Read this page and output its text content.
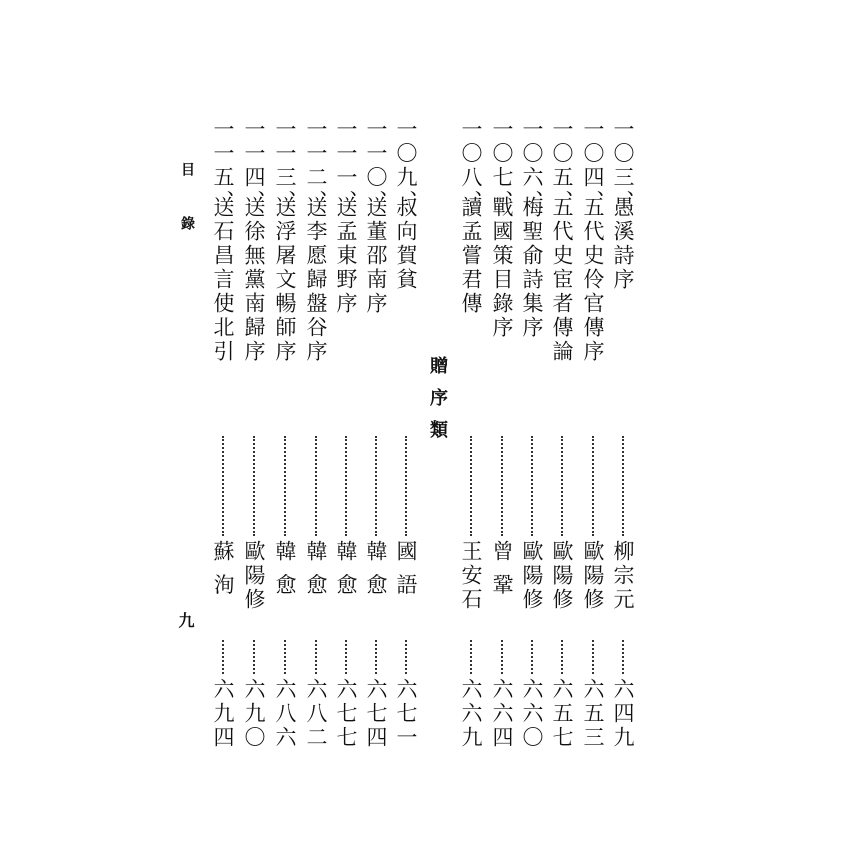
目錄
九
一〇三、
愚溪詩序
柳宗元
六四九
一〇四、
五代史伶官傳序
歐陽修
六五三
一〇五、
五代史宦者傳論
歐陽修
六五七
一〇六、
梅聖俞詩集序
歐陽修
六六〇
一〇七、
戰國策目錄序
曾 鞏
六六四
一〇八、
讀孟嘗君傳
王安石
六六九
贈序類
一〇九、
叔向賀貧
國 語
六七一
一一〇、
送董邵南序
韓 愈
六七四
一一一、
送孟東野序
韓 愈
六七七
一一二、
送李愿歸盤谷序
韓 愈
六八二
一一三、
送浮屠文暢師序
韓 愈
六八六
一一四、
送徐無黨南歸序
歐陽修
六九〇
一一五、
送石昌言使北引
蘇 洵
六九四
